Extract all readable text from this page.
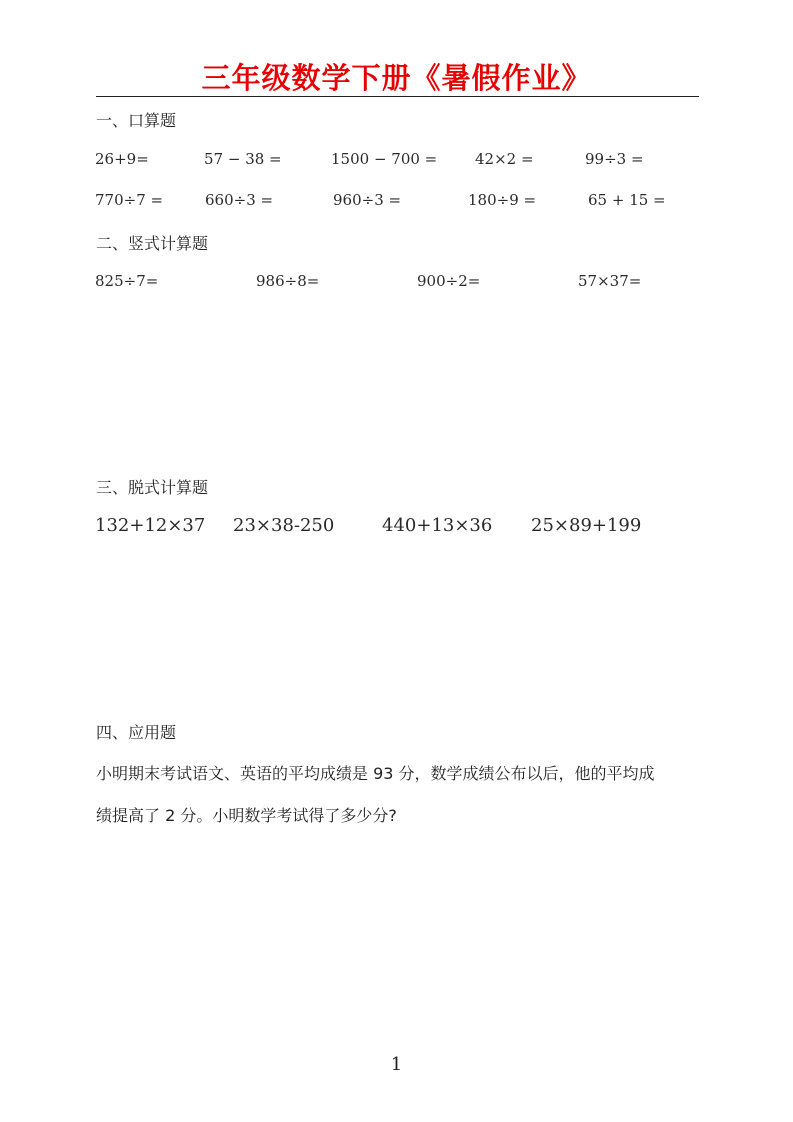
三年级数学下册《暑假作业》
一、口算题
26+9=	57 − 38 =	1500 − 700 =	42×2 =	99÷3 =
770÷7 =	660÷3 =	960÷3 =	180÷9 =	65 + 15 =
二、竖式计算题
825÷7=	986÷8=	900÷2=	57×37=
三、脱式计算题
132+12×37 23×38-250	440+13×36 25×89+199
四、应用题
小明期末考试语文、英语的平均成绩是 93 分，数学成绩公布以后，他的平均成
绩提高了 2 分。小明数学考试得了多少分?
1
